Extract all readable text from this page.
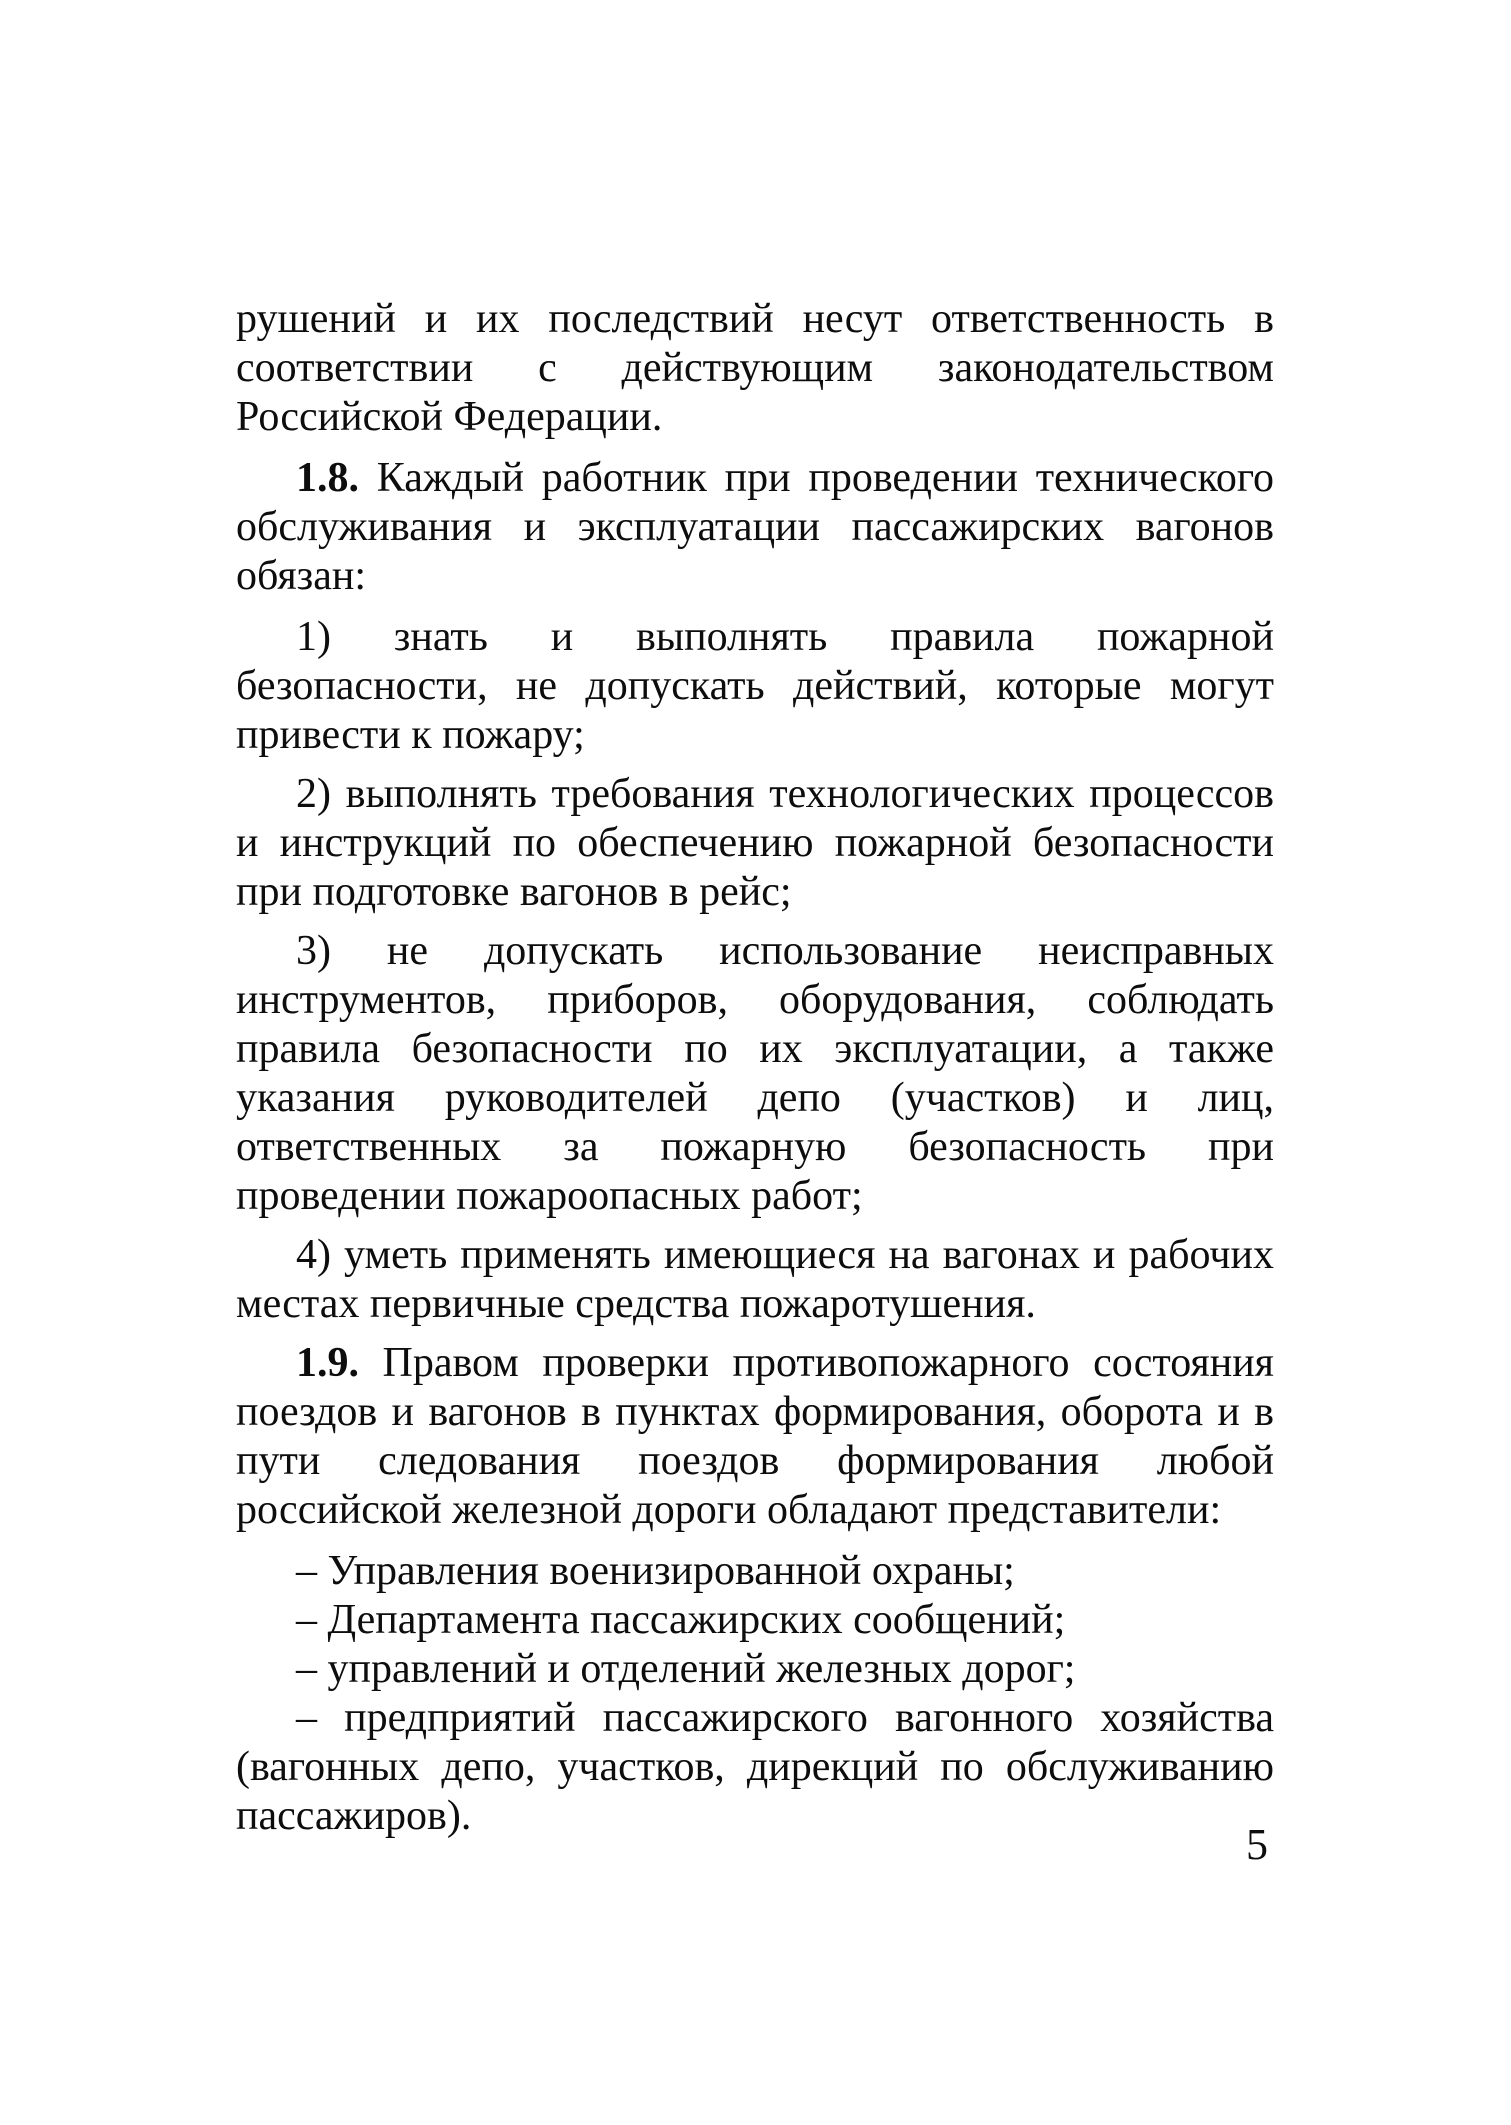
рушений и их последствий несут ответственность в соответствии с действующим законодательством Российской Федерации.

1.8. Каждый работник при проведении технического обслуживания и эксплуатации пассажирских вагонов обязан:

1) знать и выполнять правила пожарной безопасности, не допускать действий, которые могут привести к пожару;

2) выполнять требования технологических процессов и инструкций по обеспечению пожарной безопасности при подготовке вагонов в рейс;

3) не допускать использование неисправных инструментов, приборов, оборудования, соблюдать правила безопасности по их эксплуатации, а также указания руководителей депо (участков) и лиц, ответственных за пожарную безопасность при проведении пожароопасных работ;

4) уметь применять имеющиеся на вагонах и рабочих местах первичные средства пожаротушения.

1.9. Правом проверки противопожарного состояния поездов и вагонов в пунктах формирования, оборота и в пути следования поездов формирования любой российской железной дороги обладают представители:

– Управления военизированной охраны;

– Департамента пассажирских сообщений;

– управлений и отделений железных дорог;

– предприятий пассажирского вагонного хозяйства (вагонных депо, участков, дирекций по обслуживанию пассажиров).

5
